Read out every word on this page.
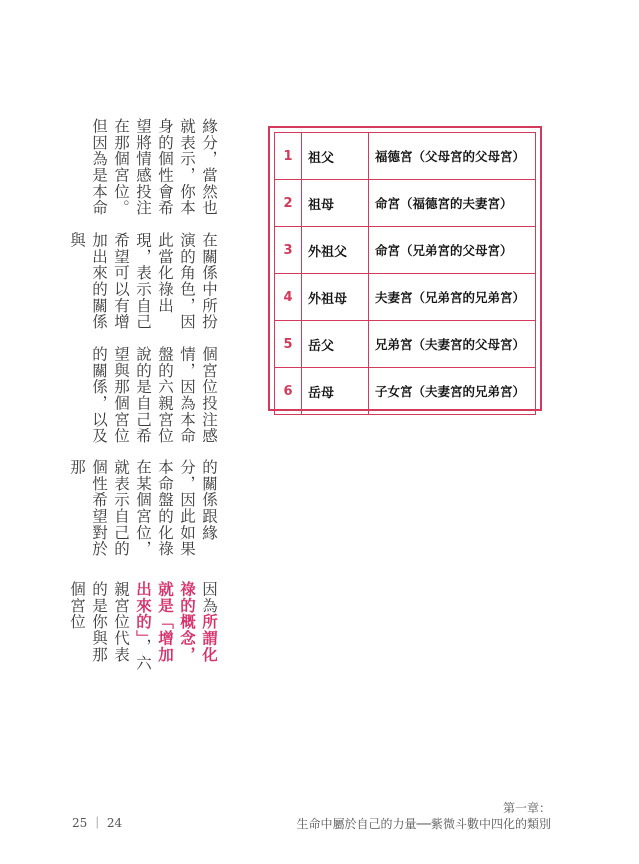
因為所謂化祿的概念，就是「增加出來的」，六親宮位代表的是你與那個宮位

的關係跟緣分，因此如果本命盤的化祿在某個宮位，就表示自己的個性希望對於那

個宮位投注感情，因為本命盤的六親宮位說的是自己希望與那個宮位的關係，以及

在關係中所扮演的角色，因此當化祿出現，表示自己希望可以有增加出來的關係與

緣分，當然也就表示，你本身的個性會希望將情感投注在那個宮位。但因為是本命	1	祖父	福德宮（父母宮的父母宮）
2	祖母	命宮（福德宮的夫妻宮）
3	外祖父	命宮（兄弟宮的父母宮）
4	外祖母	夫妻宮（兄弟宮的兄弟宮）
5	岳父	兄弟宮（夫妻宮的父母宮）
6	岳母	子女宮（夫妻宮的兄弟宮）
25 ｜ 24
第一章：
生命中屬於自己的力量──紫微斗數中四化的類別
